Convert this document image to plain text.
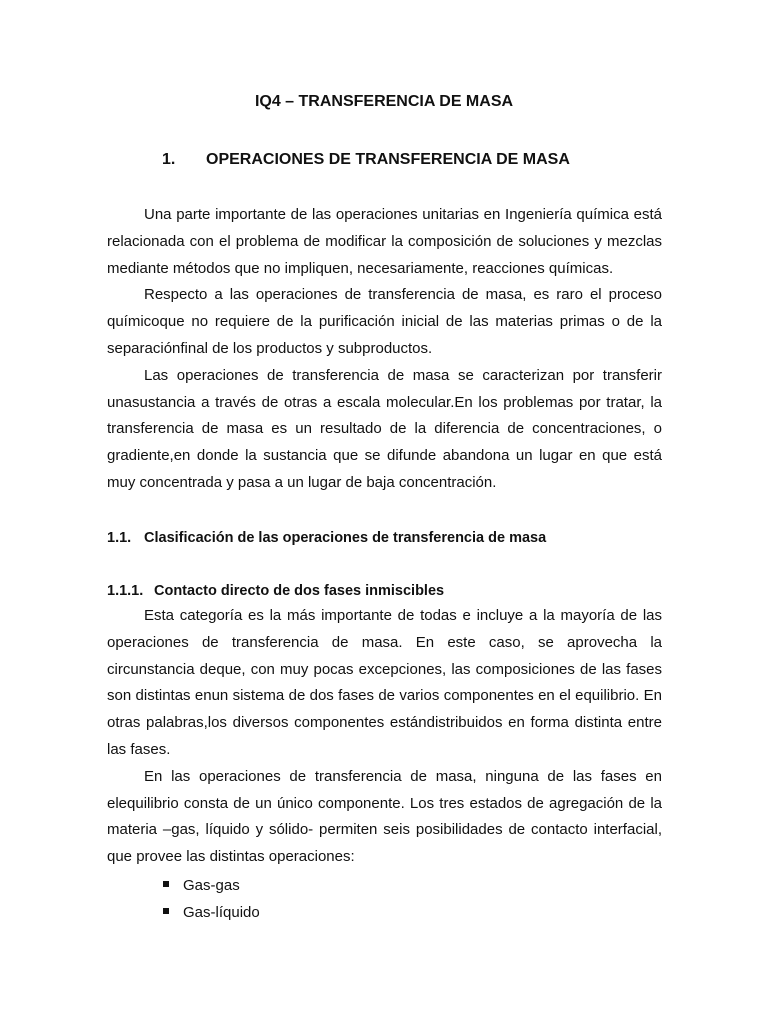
IQ4 – TRANSFERENCIA DE MASA
1. OPERACIONES DE TRANSFERENCIA DE MASA

Una parte importante de las operaciones unitarias en Ingeniería química está relacionada con el problema de modificar la composición de soluciones y mezclas mediante métodos que no impliquen, necesariamente, reacciones químicas.

Respecto a las operaciones de transferencia de masa, es raro el proceso químicoque no requiere de la purificación inicial de las materias primas o de la separaciónfinal de los productos y subproductos.

Las operaciones de transferencia de masa se caracterizan por transferir unasustancia a través de otras a escala molecular.En los problemas por tratar, la transferencia de masa es un resultado de la diferencia de concentraciones, o gradiente,en donde la sustancia que se difunde abandona un lugar en que está muy concentrada y pasa a un lugar de baja concentración.

1.1. Clasificación de las operaciones de transferencia de masa
1.1.1. Contacto directo de dos fases inmiscibles

Esta categoría es la más importante de todas e incluye a la mayoría de las operaciones de transferencia de masa. En este caso, se aprovecha la circunstancia deque, con muy pocas excepciones, las composiciones de las fases son distintas enun sistema de dos fases de varios componentes en el equilibrio. En otras palabras,los diversos componentes estándistribuidos en forma distinta entre las fases.

En las operaciones de transferencia de masa, ninguna de las fases en elequilibrio consta de un único componente. Los tres estados de agregación de la materia –gas, líquido y sólido- permiten seis posibilidades de contacto interfacial, que provee las distintas operaciones:

Gas-gas
Gas-líquido
